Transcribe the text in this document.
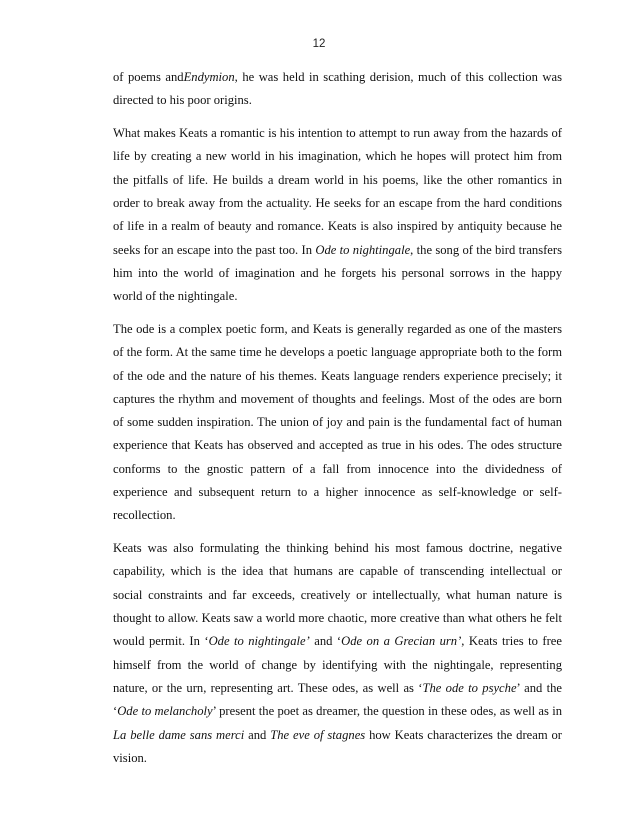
12

of poems andEndymion, he was held in scathing derision, much of this collection was directed to his poor origins.

What makes Keats a romantic is his intention to attempt to run away from the hazards of life by creating a new world in his imagination, which he hopes will protect him from the pitfalls of life. He builds a dream world in his poems, like the other romantics in order to break away from the actuality. He seeks for an escape from the hard conditions of life in a realm of beauty and romance. Keats is also inspired by antiquity because he seeks for an escape into the past too. In Ode to nightingale, the song of the bird transfers him into the world of imagination and he forgets his personal sorrows in the happy world of the nightingale.

The ode is a complex poetic form, and Keats is generally regarded as one of the masters of the form. At the same time he develops a poetic language appropriate both to the form of the ode and the nature of his themes. Keats language renders experience precisely; it captures the rhythm and movement of thoughts and feelings. Most of the odes are born of some sudden inspiration. The union of joy and pain is the fundamental fact of human experience that Keats has observed and accepted as true in his odes. The odes structure conforms to the gnostic pattern of a fall from innocence into the dividedness of experience and subsequent return to a higher innocence as self-knowledge or self-recollection.

Keats was also formulating the thinking behind his most famous doctrine, negative capability, which is the idea that humans are capable of transcending intellectual or social constraints and far exceeds, creatively or intellectually, what human nature is thought to allow. Keats saw a world more chaotic, more creative than what others he felt would permit. In ‘Ode to nightingale’ and ‘Ode on a Grecian urn’, Keats tries to free himself from the world of change by identifying with the nightingale, representing nature, or the urn, representing art. These odes, as well as ‘The ode to psyche’ and the ‘Ode to melancholy’ present the poet as dreamer, the question in these odes, as well as in La belle dame sans merci and The eve of stagnes how Keats characterizes the dream or vision.
